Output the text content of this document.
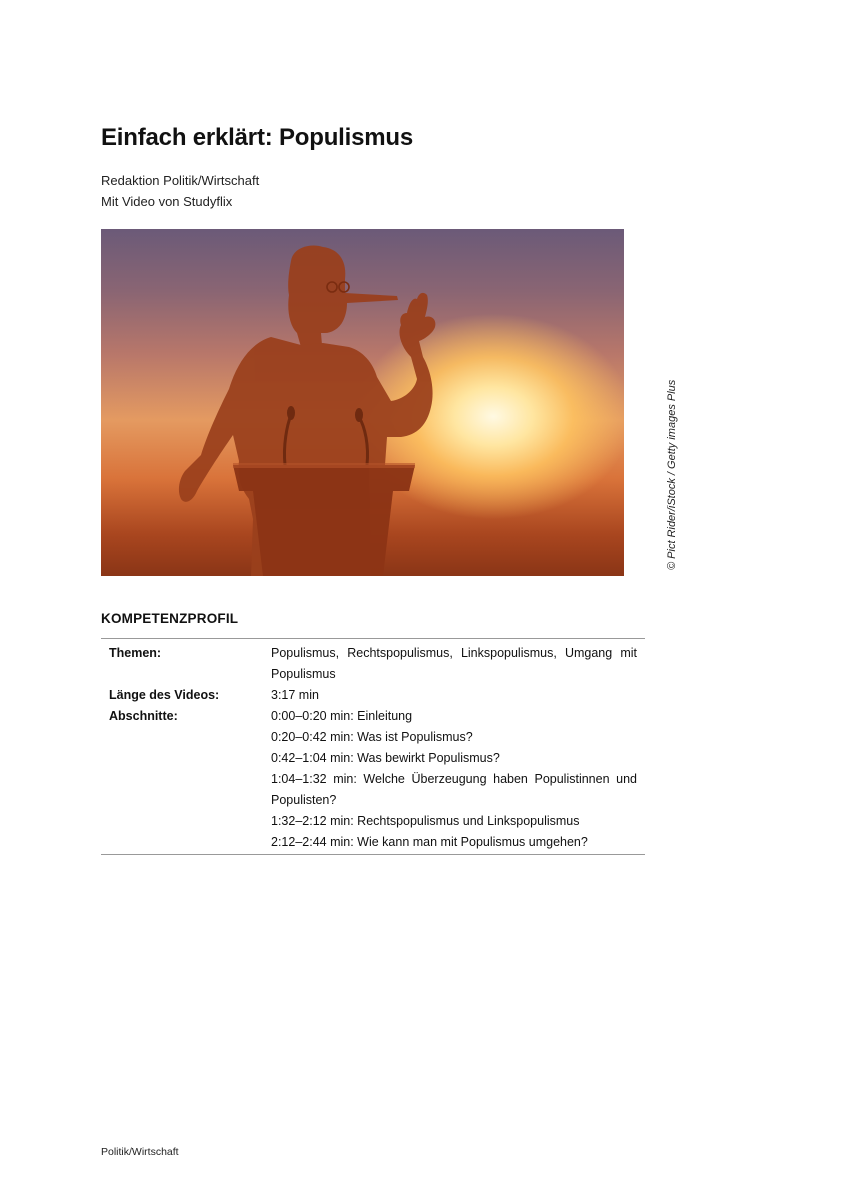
Einfach erklärt: Populismus
Redaktion Politik/Wirtschaft
Mit Video von Studyflix
© Pict Rider/iStock / Getty images Plus
KOMPETENZPROFIL
Themen:	Populismus, Rechtspopulismus, Linkspopulismus, Umgang mit Populismus
Länge des Videos:	3:17 min
Abschnitte:	0:00–0:20 min: Einleitung
0:20–0:42 min: Was ist Populismus?
0:42–1:04 min: Was bewirkt Populismus?
1:04–1:32 min: Welche Überzeugung haben Populistinnen und Populisten?
1:32–2:12 min: Rechtspopulismus und Linkspopulismus
2:12–2:44 min: Wie kann man mit Populismus umgehen?
Politik/Wirtschaft
